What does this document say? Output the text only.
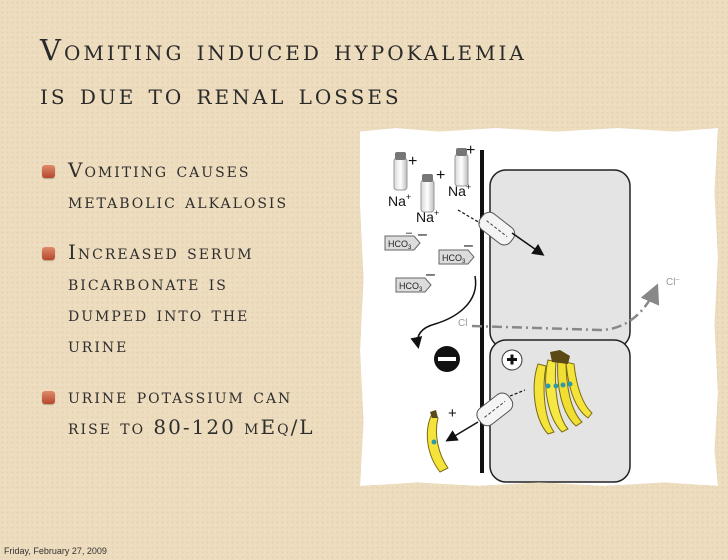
Vomiting induced hypokalemia
is due to renal losses
Vomiting causes
metabolic alkalosis
Increased serum
bicarbonate is
dumped into the
urine
urine potassium can
rise to 80-120 mEq/L
Friday, February 27, 2009
+
+
+
Na+
Na+
Na+
$HCO_3$
– –
$HCO_3$
–
$HCO_3$
–
Cl
Cl–
+
